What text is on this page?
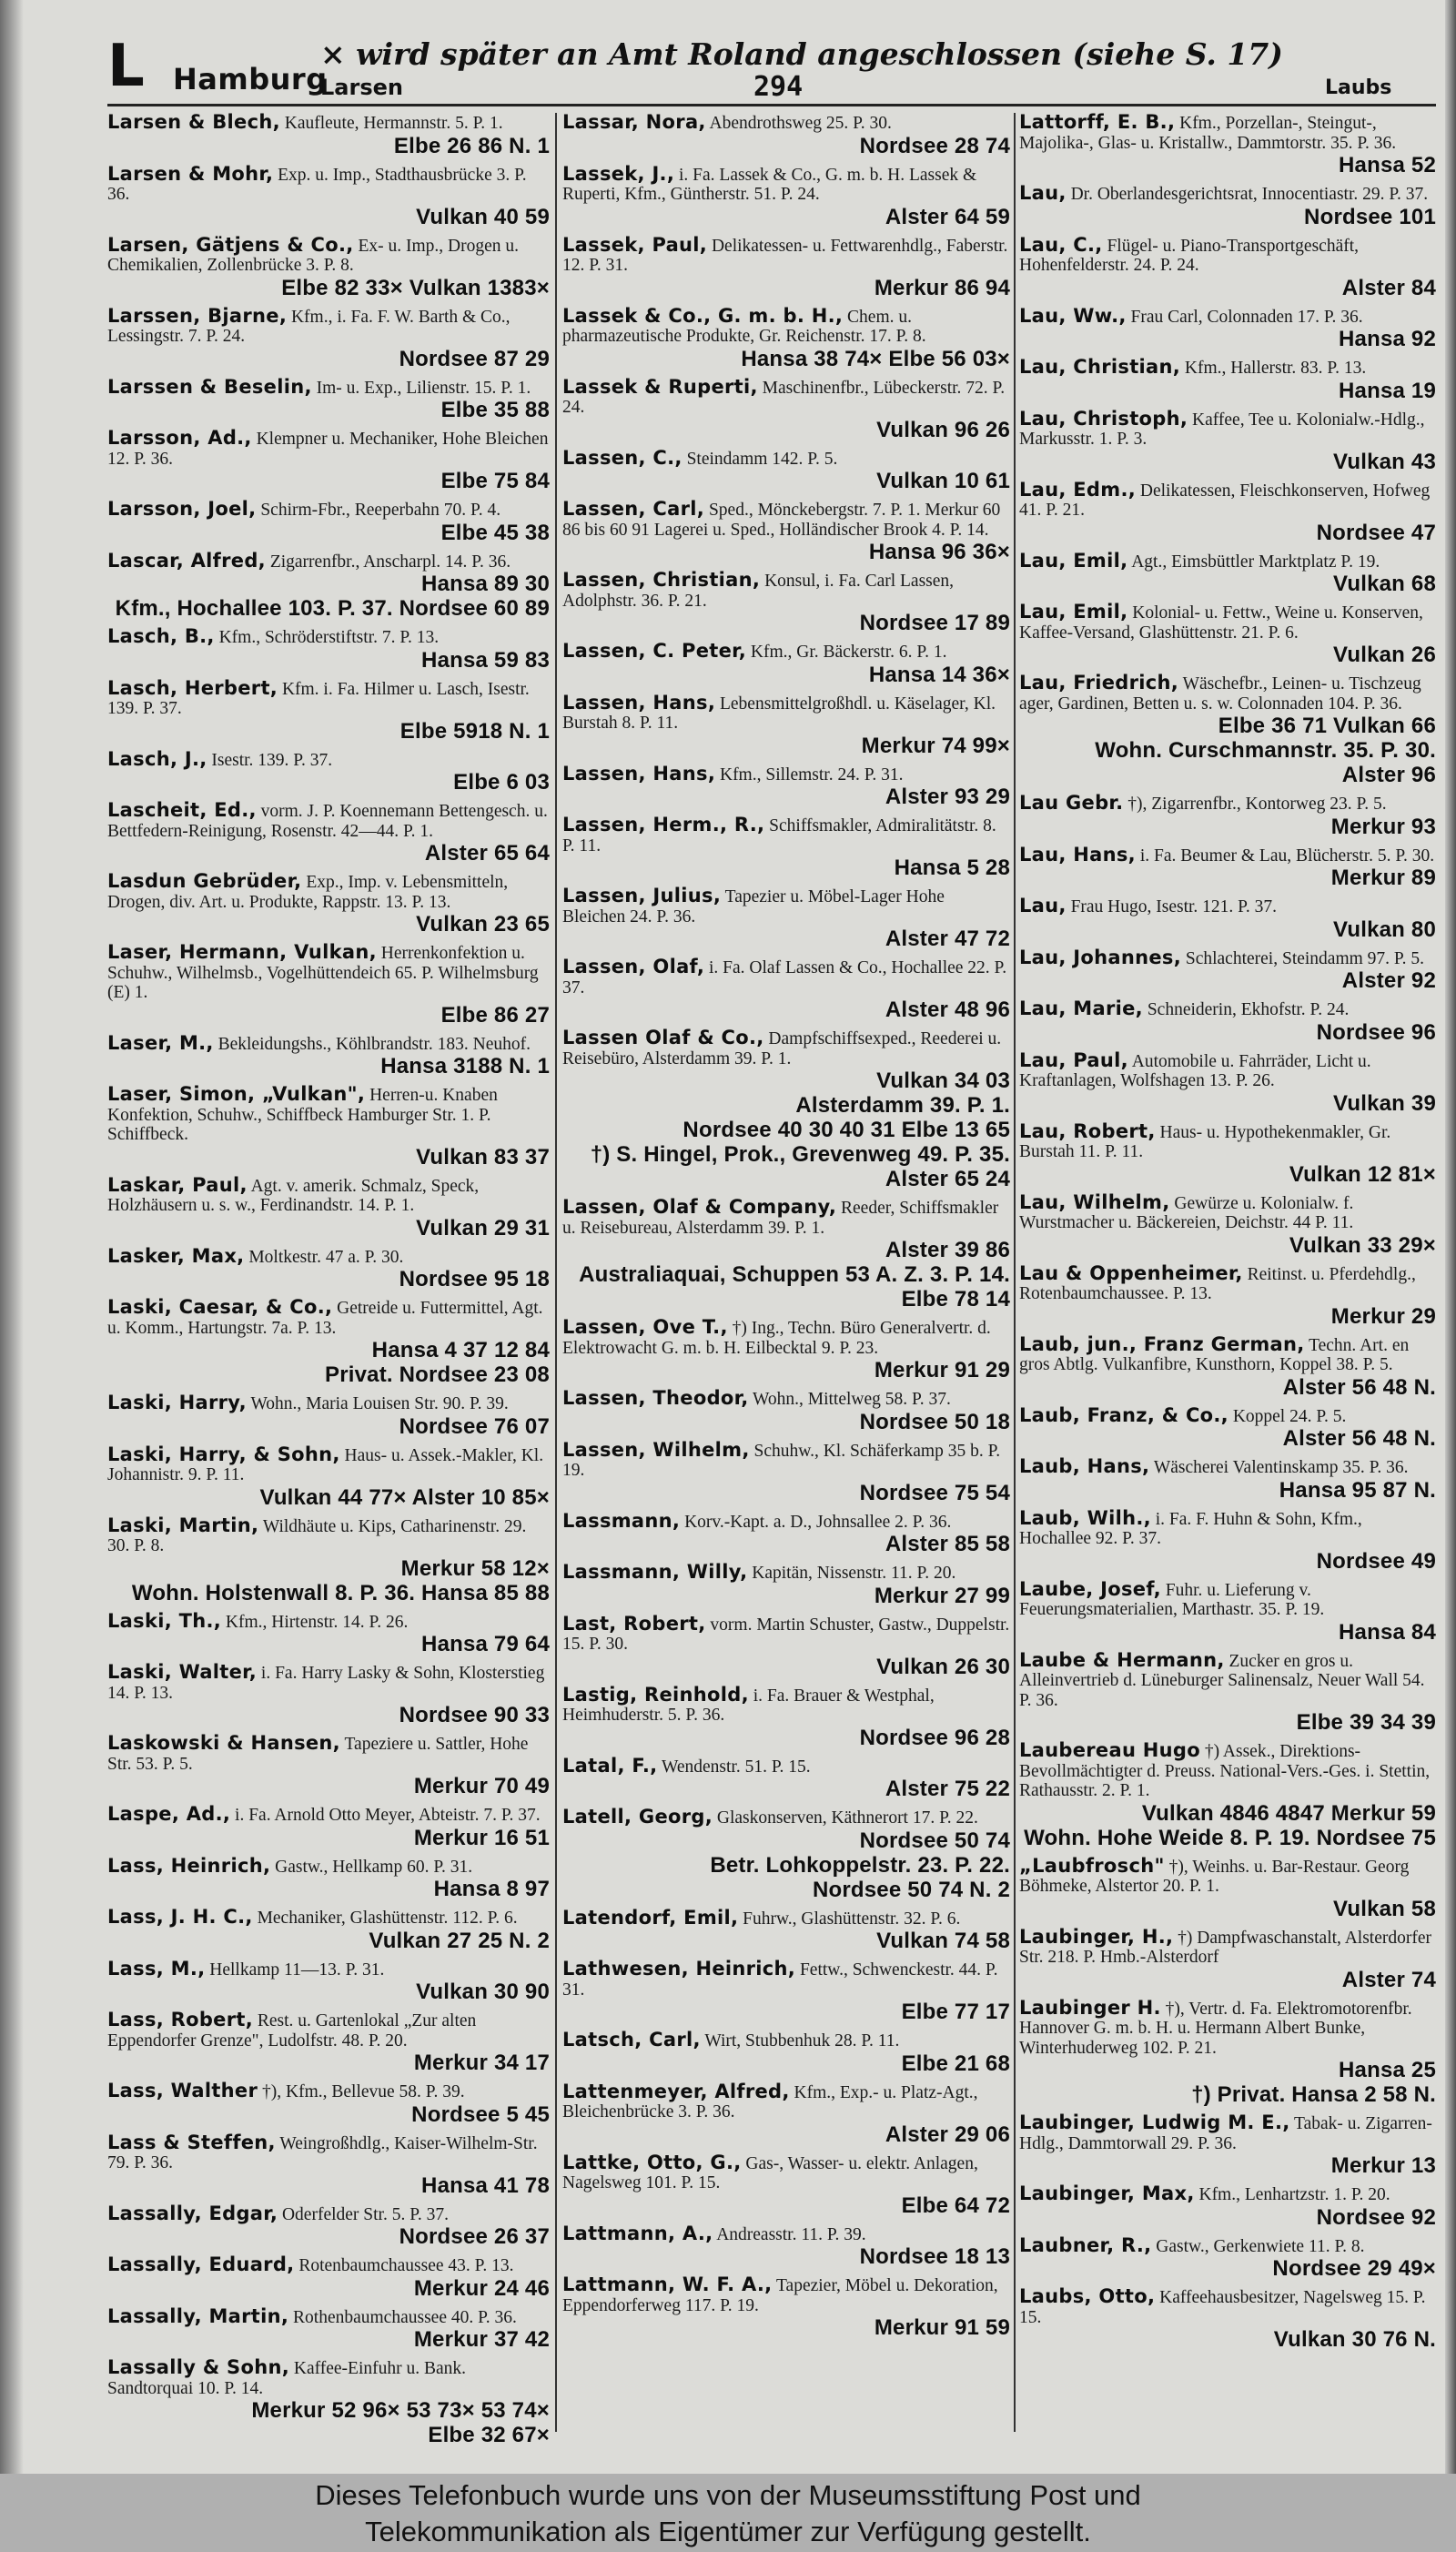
L Hamburg
× wird später an Amt Roland angeschlossen (siehe S. 17)
Larsen	294	Laubs
Larsen & Blech, Kaufleute, Hermannstr. 5. P. 1.
Elbe 26 86 N. 1
Larsen & Mohr, Exp. u. Imp., Stadthausbrücke 3. P. 36.
Vulkan 40 59
Larsen, Gätjens & Co., Ex- u. Imp., Drogen u. Chemikalien, Zollenbrücke 3. P. 8.
Elbe 82 33× Vulkan 1383×
Larssen, Bjarne, Kfm., i. Fa. F. W. Barth & Co., Lessingstr. 7. P. 24.
Nordsee 87 29
Larssen & Beselin, Im- u. Exp., Lilienstr. 15. P. 1.
Elbe 35 88
Larsson, Ad., Klempner u. Mechaniker, Hohe Bleichen 12. P. 36.
Elbe 75 84
Larsson, Joel, Schirm-Fbr., Reeperbahn 70. P. 4.
Elbe 45 38
Lascar, Alfred, Zigarrenfbr., Anscharpl. 14. P. 36.
Hansa 89 30
Kfm., Hochallee 103. P. 37. Nordsee 60 89
Lasch, B., Kfm., Schröderstiftstr. 7. P. 13.
Hansa 59 83
Lasch, Herbert, Kfm. i. Fa. Hilmer u. Lasch, Isestr. 139. P. 37.
Elbe 5918 N. 1
Lasch, J., Isestr. 139. P. 37.
Elbe 6 03
Lascheit, Ed., vorm. J. P. Koennemann Bettengesch. u. Bettfedern-Reinigung, Rosenstr. 42—44. P. 1.
Alster 65 64
Lasdun Gebrüder, Exp., Imp. v. Lebensmitteln, Drogen, div. Art. u. Produkte, Rappstr. 13. P. 13.
Vulkan 23 65
Laser, Hermann, Vulkan, Herrenkonfektion u. Schuhw., Wilhelmsb., Vogelhüttendeich 65. P. Wilhelmsburg (E) 1.
Elbe 86 27
Laser, M., Bekleidungshs., Köhlbrandstr. 183. Neuhof.
Hansa 3188 N. 1
Laser, Simon, „Vulkan", Herren-u. Knaben Konfektion, Schuhw., Schiffbeck Hamburger Str. 1. P. Schiffbeck.
Vulkan 83 37
Laskar, Paul, Agt. v. amerik. Schmalz, Speck, Holzhäusern u. s. w., Ferdinandstr. 14. P. 1.
Vulkan 29 31
Lasker, Max, Moltkestr. 47 a. P. 30.
Nordsee 95 18
Laski, Caesar, & Co., Getreide u. Futtermittel, Agt. u. Komm., Hartungstr. 7a. P. 13.
Hansa 4 37 12 84
Privat. Nordsee 23 08
Laski, Harry, Wohn., Maria Louisen Str. 90. P. 39.
Nordsee 76 07
Laski, Harry, & Sohn, Haus- u. Assek.-Makler, Kl. Johannistr. 9. P. 11.
Vulkan 44 77× Alster 10 85×
Laski, Martin, Wildhäute u. Kips, Catharinenstr. 29. 30. P. 8.
Merkur 58 12×
Wohn. Holstenwall 8. P. 36. Hansa 85 88
Laski, Th., Kfm., Hirtenstr. 14. P. 26.
Hansa 79 64
Laski, Walter, i. Fa. Harry Lasky & Sohn, Klosterstieg 14. P. 13.
Nordsee 90 33
Laskowski & Hansen, Tapeziere u. Sattler, Hohe Str. 53. P. 5.
Merkur 70 49
Laspe, Ad., i. Fa. Arnold Otto Meyer, Abteistr. 7. P. 37.
Merkur 16 51
Lass, Heinrich, Gastw., Hellkamp 60. P. 31.
Hansa 8 97
Lass, J. H. C., Mechaniker, Glashüttenstr. 112. P. 6.
Vulkan 27 25 N. 2
Lass, M., Hellkamp 11—13. P. 31.
Vulkan 30 90
Lass, Robert, Rest. u. Gartenlokal „Zur alten Eppendorfer Grenze", Ludolfstr. 48. P. 20.
Merkur 34 17
Lass, Walther †), Kfm., Bellevue 58. P. 39.
Nordsee 5 45
Lass & Steffen, Weingroßhdlg., Kaiser-Wilhelm-Str. 79. P. 36.
Hansa 41 78
Lassally, Edgar, Oderfelder Str. 5. P. 37.
Nordsee 26 37
Lassally, Eduard, Rotenbaumchaussee 43. P. 13.
Merkur 24 46
Lassally, Martin, Rothenbaumchaussee 40. P. 36.
Merkur 37 42
Lassally & Sohn, Kaffee-Einfuhr u. Bank. Sandtorquai 10. P. 14.
Merkur 52 96× 53 73× 53 74×
Elbe 32 67×
Lassar, Nora, Abendrothsweg 25. P. 30.
Nordsee 28 74
Lassek, J., i. Fa. Lassek & Co., G. m. b. H. Lassek & Ruperti, Kfm., Güntherstr. 51. P. 24.
Alster 64 59
Lassek, Paul, Delikatessen- u. Fettwarenhdlg., Faberstr. 12. P. 31.
Merkur 86 94
Lassek & Co., G. m. b. H., Chem. u. pharmazeutische Produkte, Gr. Reichenstr. 17. P. 8.
Hansa 38 74× Elbe 56 03×
Lassek & Ruperti, Maschinenfbr., Lübeckerstr. 72. P. 24.
Vulkan 96 26
Lassen, C., Steindamm 142. P. 5.
Vulkan 10 61
Lassen, Carl, Sped., Mönckebergstr. 7. P. 1. Merkur 60 86 bis 60 91 Lagerei u. Sped., Holländischer Brook 4. P. 14.
Hansa 96 36×
Lassen, Christian, Konsul, i. Fa. Carl Lassen, Adolphstr. 36. P. 21.
Nordsee 17 89
Lassen, C. Peter, Kfm., Gr. Bäckerstr. 6. P. 1.
Hansa 14 36×
Lassen, Hans, Lebensmittelgroßhdl. u. Käselager, Kl. Burstah 8. P. 11.
Merkur 74 99×
Lassen, Hans, Kfm., Sillemstr. 24. P. 31.
Alster 93 29
Lassen, Herm., R., Schiffsmakler, Admiralitätstr. 8. P. 11.
Hansa 5 28
Lassen, Julius, Tapezier u. Möbel-Lager Hohe Bleichen 24. P. 36.
Alster 47 72
Lassen, Olaf, i. Fa. Olaf Lassen & Co., Hochallee 22. P. 37.
Alster 48 96
Lassen Olaf & Co., Dampfschiffsexped., Reederei u. Reisebüro, Alsterdamm 39. P. 1.
Vulkan 34 03
Alsterdamm 39. P. 1.
Nordsee 40 30 40 31 Elbe 13 65
†) S. Hingel, Prok., Grevenweg 49. P. 35. Alster 65 24
Lassen, Olaf & Company, Reeder, Schiffsmakler u. Reisebureau, Alsterdamm 39. P. 1.
Alster 39 86
Australiaquai, Schuppen 53 A. Z. 3. P. 14.
Elbe 78 14
Lassen, Ove T., †) Ing., Techn. Büro Generalvertr. d. Elektrowacht G. m. b. H. Eilbecktal 9. P. 23.
Merkur 91 29
Lassen, Theodor, Wohn., Mittelweg 58. P. 37.
Nordsee 50 18
Lassen, Wilhelm, Schuhw., Kl. Schäferkamp 35 b. P. 19.
Nordsee 75 54
Lassmann, Korv.-Kapt. a. D., Johnsallee 2. P. 36.
Alster 85 58
Lassmann, Willy, Kapitän, Nissenstr. 11. P. 20.
Merkur 27 99
Last, Robert, vorm. Martin Schuster, Gastw., Duppelstr. 15. P. 30.
Vulkan 26 30
Lastig, Reinhold, i. Fa. Brauer & Westphal, Heimhuderstr. 5. P. 36.
Nordsee 96 28
Latal, F., Wendenstr. 51. P. 15.
Alster 75 22
Latell, Georg, Glaskonserven, Käthnerort 17. P. 22.
Nordsee 50 74
Betr. Lohkoppelstr. 23. P. 22.
Nordsee 50 74 N. 2
Latendorf, Emil, Fuhrw., Glashüttenstr. 32. P. 6.
Vulkan 74 58
Lathwesen, Heinrich, Fettw., Schwenckestr. 44. P. 31.
Elbe 77 17
Latsch, Carl, Wirt, Stubbenhuk 28. P. 11.
Elbe 21 68
Lattenmeyer, Alfred, Kfm., Exp.- u. Platz-Agt., Bleichenbrücke 3. P. 36.
Alster 29 06
Lattke, Otto, G., Gas-, Wasser- u. elektr. Anlagen, Nagelsweg 101. P. 15.
Elbe 64 72
Lattmann, A., Andreasstr. 11. P. 39.
Nordsee 18 13
Lattmann, W. F. A., Tapezier, Möbel u. Dekoration, Eppendorferweg 117. P. 19.
Merkur 91 59
Lattorff, E. B., Kfm., Porzellan-, Steingut-, Majolika-, Glas- u. Kristallw., Dammtorstr. 35. P. 36.
Hansa 52
Lau, Dr. Oberlandesgerichtsrat, Innocentiastr. 29. P. 37.
Nordsee 101
Lau, C., Flügel- u. Piano-Transportgeschäft, Hohenfelderstr. 24. P. 24.
Alster 84
Lau, Ww., Frau Carl, Colonnaden 17. P. 36.
Hansa 92
Lau, Christian, Kfm., Hallerstr. 83. P. 13.
Hansa 19
Lau, Christoph, Kaffee, Tee u. Kolonialw.-Hdlg., Markusstr. 1. P. 3.
Vulkan 43
Lau, Edm., Delikatessen, Fleischkonserven, Hofweg 41. P. 21.
Nordsee 47
Lau, Emil, Agt., Eimsbüttler Marktplatz P. 19.
Vulkan 68
Lau, Emil, Kolonial- u. Fettw., Weine u. Konserven, Kaffee-Versand, Glashüttenstr. 21. P. 6.
Vulkan 26
Lau, Friedrich, Wäschefbr., Leinen- u. Tischzeug ager, Gardinen, Betten u. s. w. Colonnaden 104. P. 36.
Elbe 36 71 Vulkan 66
Wohn. Curschmannstr. 35. P. 30.
Alster 96
Lau Gebr. †), Zigarrenfbr., Kontorweg 23. P. 5.
Merkur 93
Lau, Hans, i. Fa. Beumer & Lau, Blücherstr. 5. P. 30.
Merkur 89
Lau, Frau Hugo, Isestr. 121. P. 37.
Vulkan 80
Lau, Johannes, Schlachterei, Steindamm 97. P. 5.
Alster 92
Lau, Marie, Schneiderin, Ekhofstr. P. 24.
Nordsee 96
Lau, Paul, Automobile u. Fahrräder, Licht u. Kraftanlagen, Wolfshagen 13. P. 26.
Vulkan 39
Lau, Robert, Haus- u. Hypothekenmakler, Gr. Burstah 11. P. 11.
Vulkan 12 81×
Lau, Wilhelm, Gewürze u. Kolonialw. f. Wurstmacher u. Bäckereien, Deichstr. 44 P. 11.
Vulkan 33 29×
Lau & Oppenheimer, Reitinst. u. Pferdehdlg., Rotenbaumchaussee. P. 13.
Merkur 29
Laub, jun., Franz German, Techn. Art. en gros Abtlg. Vulkanfibre, Kunsthorn, Koppel 38. P. 5.
Alster 56 48 N.
Laub, Franz, & Co., Koppel 24. P. 5.
Alster 56 48 N.
Laub, Hans, Wäscherei Valentinskamp 35. P. 36.
Hansa 95 87 N.
Laub, Wilh., i. Fa. F. Huhn & Sohn, Kfm., Hochallee 92. P. 37.
Nordsee 49
Laube, Josef, Fuhr. u. Lieferung v. Feuerungsmaterialien, Marthastr. 35. P. 19.
Hansa 84
Laube & Hermann, Zucker en gros u. Alleinvertrieb d. Lüneburger Salinensalz, Neuer Wall 54. P. 36.
Elbe 39 34 39
Laubereau Hugo †) Assek., Direktions-Bevollmächtigter d. Preuss. National-Vers.-Ges. i. Stettin, Rathausstr. 2. P. 1.
Vulkan 4846 4847 Merkur 59
Wohn. Hohe Weide 8. P. 19. Nordsee 75
„Laubfrosch" †), Weinhs. u. Bar-Restaur. Georg Böhmeke, Alstertor 20. P. 1.
Vulkan 58
Laubinger, H., †) Dampfwaschanstalt, Alsterdorfer Str. 218. P. Hmb.-Alsterdorf
Alster 74
Laubinger H. †), Vertr. d. Fa. Elektromotorenfbr. Hannover G. m. b. H. u. Hermann Albert Bunke, Winterhuderweg 102. P. 21.
Hansa 25
†) Privat. Hansa 2 58 N.
Laubinger, Ludwig M. E., Tabak- u. Zigarren-Hdlg., Dammtorwall 29. P. 36.
Merkur 13
Laubinger, Max, Kfm., Lenhartzstr. 1. P. 20.
Nordsee 92
Laubner, R., Gastw., Gerkenwiete 11. P. 8.
Nordsee 29 49×
Laubs, Otto, Kaffeehausbesitzer, Nagelsweg 15. P. 15.
Vulkan 30 76 N.
Dieses Telefonbuch wurde uns von der Museumsstiftung Post und
Telekommunikation als Eigentümer zur Verfügung gestellt.
